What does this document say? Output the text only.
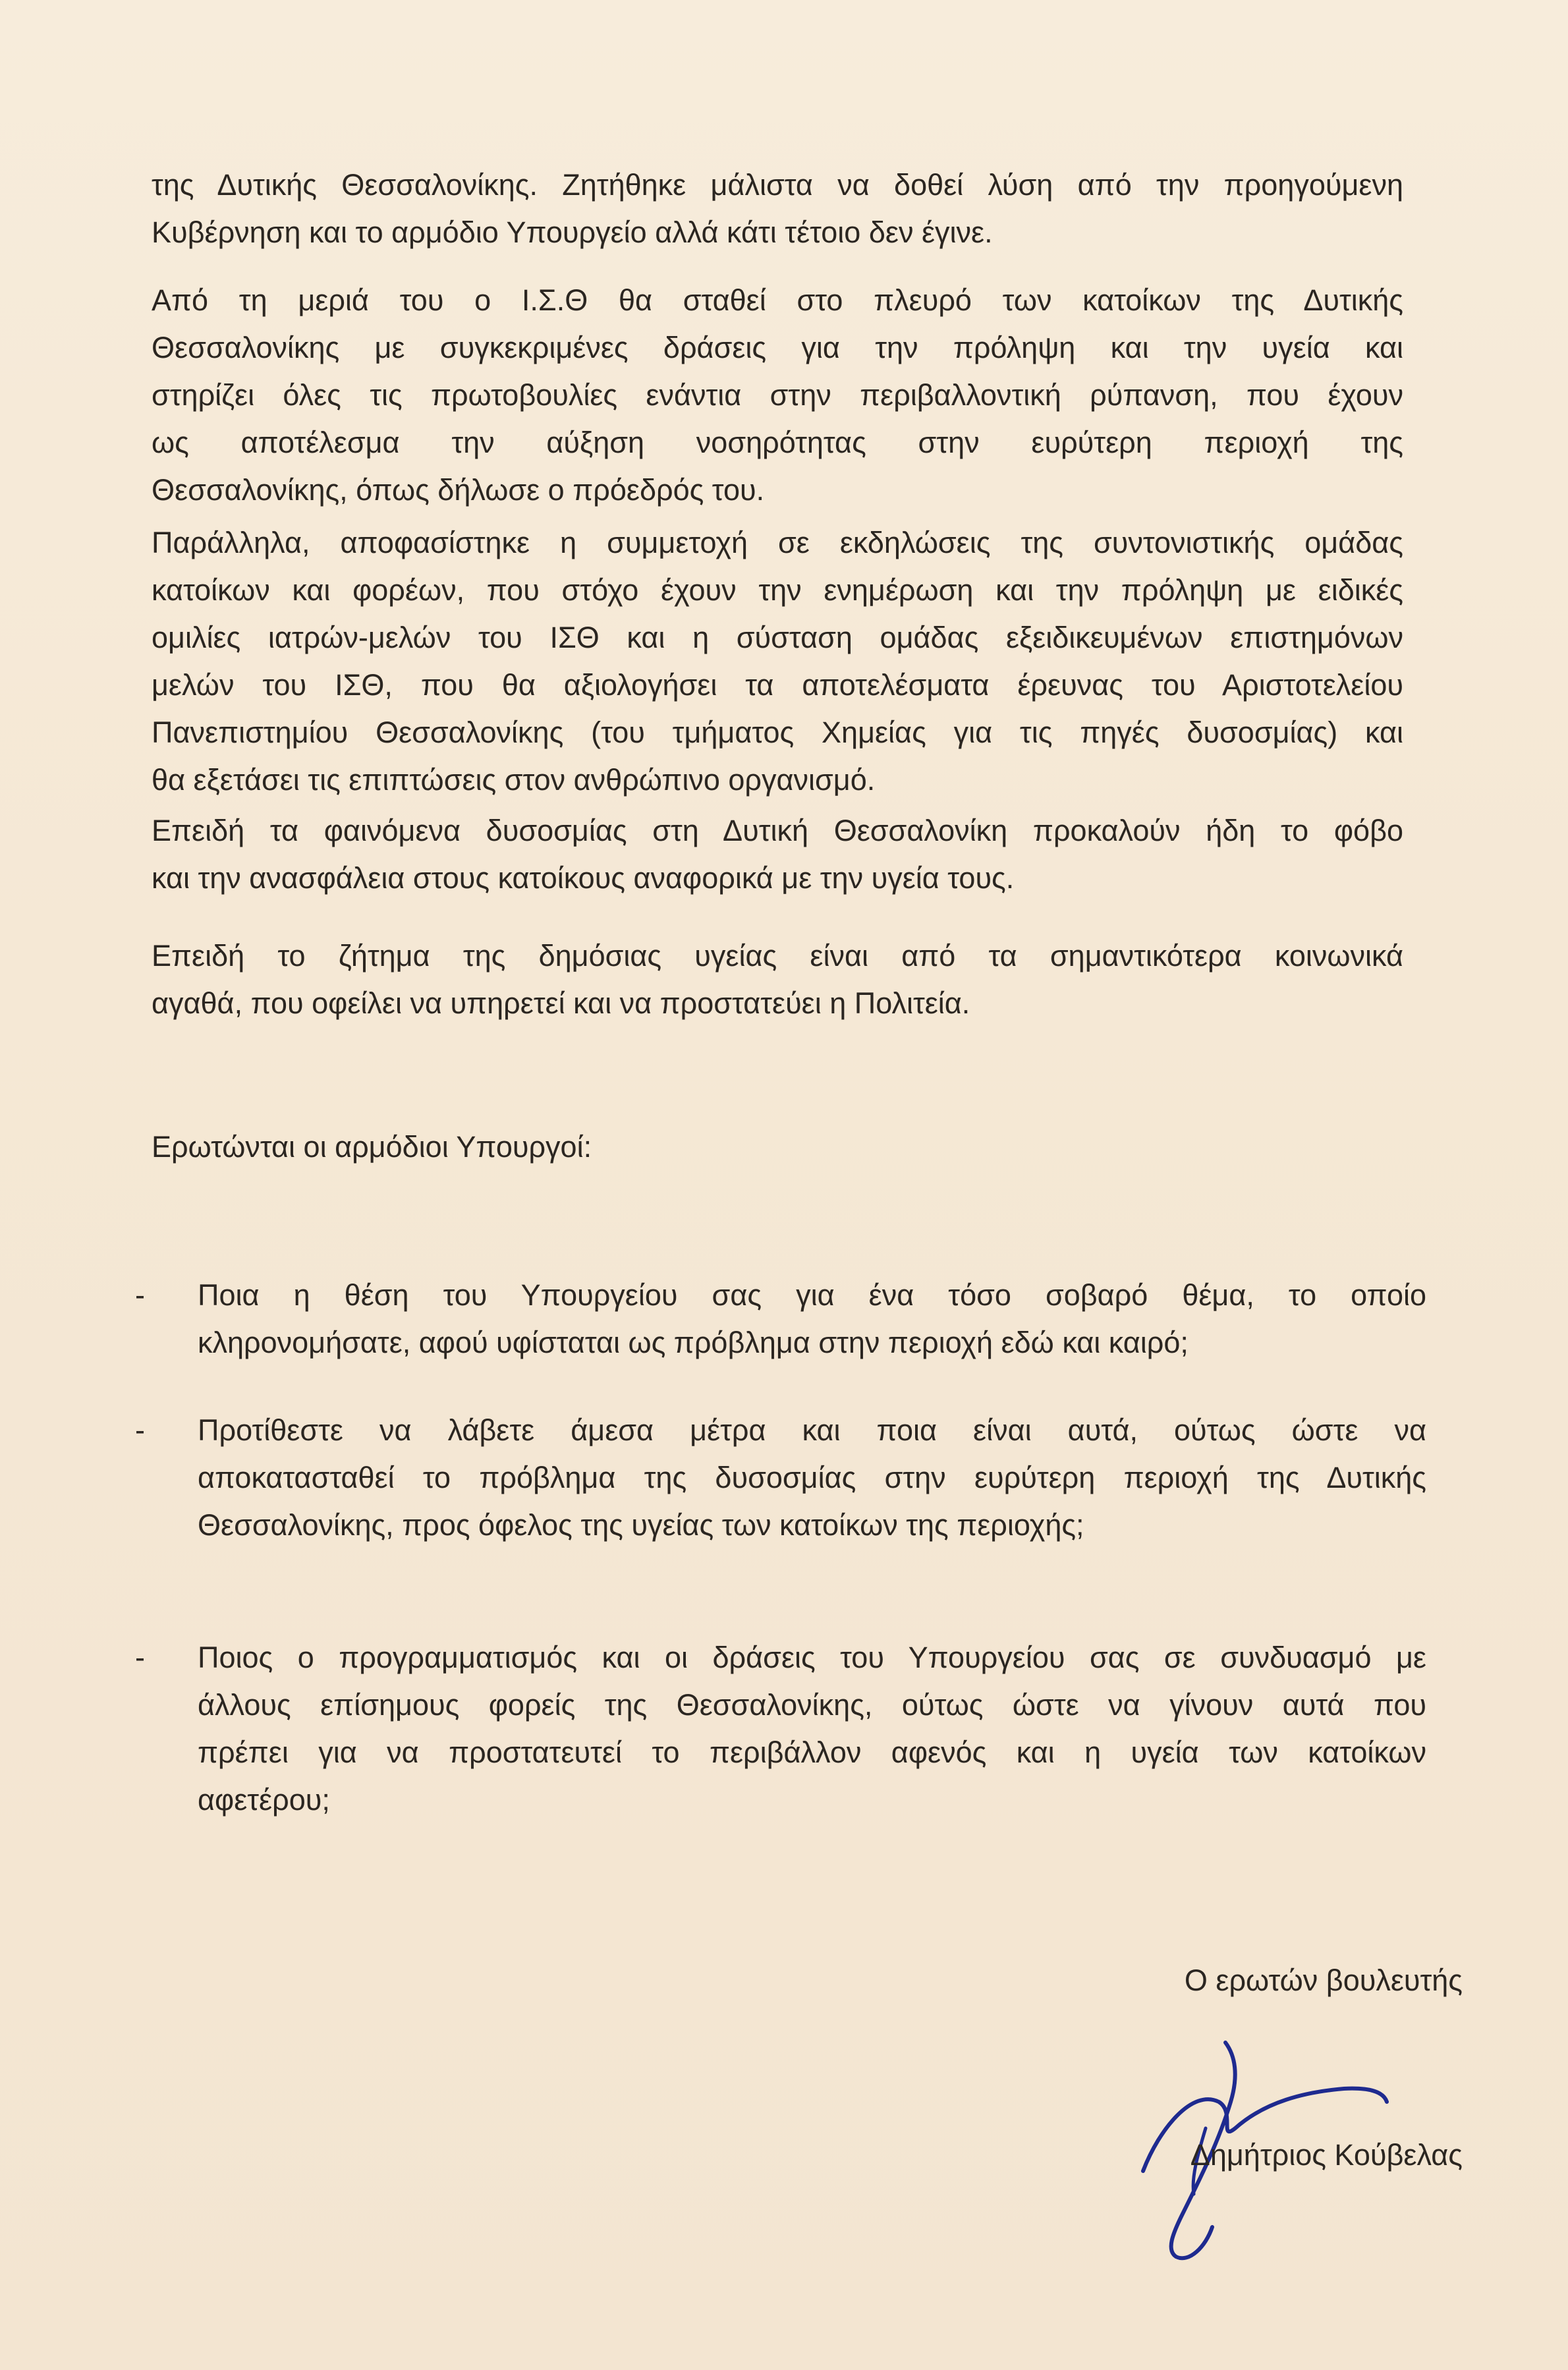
της Δυτικής Θεσσαλονίκης. Ζητήθηκε μάλιστα να δοθεί λύση από την προηγούμενη
Κυβέρνηση και το αρμόδιο Υπουργείο αλλά κάτι τέτοιο δεν έγινε.
Από τη μεριά του ο Ι.Σ.Θ θα σταθεί στο πλευρό των κατοίκων της Δυτικής
Θεσσαλονίκης με συγκεκριμένες δράσεις για την πρόληψη και την υγεία και
στηρίζει όλες τις πρωτοβουλίες ενάντια στην περιβαλλοντική ρύπανση, που έχουν
ως αποτέλεσμα την αύξηση νοσηρότητας στην ευρύτερη περιοχή της
Θεσσαλονίκης, όπως δήλωσε ο πρόεδρός του.
Παράλληλα, αποφασίστηκε η συμμετοχή σε εκδηλώσεις της συντονιστικής ομάδας
κατοίκων και φορέων, που στόχο έχουν την ενημέρωση και την πρόληψη με ειδικές
ομιλίες ιατρών-μελών του ΙΣΘ και η σύσταση ομάδας εξειδικευμένων επιστημόνων
μελών του ΙΣΘ, που θα αξιολογήσει τα αποτελέσματα έρευνας του Αριστοτελείου
Πανεπιστημίου Θεσσαλονίκης (του τμήματος Χημείας για τις πηγές δυσοσμίας) και
θα εξετάσει τις επιπτώσεις στον ανθρώπινο οργανισμό.
Επειδή τα φαινόμενα δυσοσμίας στη Δυτική Θεσσαλονίκη προκαλούν ήδη το φόβο
και την ανασφάλεια στους κατοίκους αναφορικά με την υγεία τους.
Επειδή το ζήτημα της δημόσιας υγείας είναι από τα σημαντικότερα κοινωνικά
αγαθά, που οφείλει να υπηρετεί και να προστατεύει η Πολιτεία.

Ερωτώνται οι αρμόδιοι Υπουργοί:

- Ποια η θέση του Υπουργείου σας για ένα τόσο σοβαρό θέμα, το οποίο
κληρονομήσατε, αφού υφίσταται ως πρόβλημα στην περιοχή εδώ και καιρό;
- Προτίθεστε να λάβετε άμεσα μέτρα και ποια είναι αυτά, ούτως ώστε να
αποκατασταθεί το πρόβλημα της δυσοσμίας στην ευρύτερη περιοχή της Δυτικής
Θεσσαλονίκης, προς όφελος της υγείας των κατοίκων της περιοχής;
- Ποιος ο προγραμματισμός και οι δράσεις του Υπουργείου σας σε συνδυασμό με
άλλους επίσημους φορείς της Θεσσαλονίκης, ούτως ώστε να γίνουν αυτά που
πρέπει για να προστατευτεί το περιβάλλον αφενός και η υγεία των κατοίκων
αφετέρου;

Ο ερωτών βουλευτής

Δημήτριος Κούβελας
